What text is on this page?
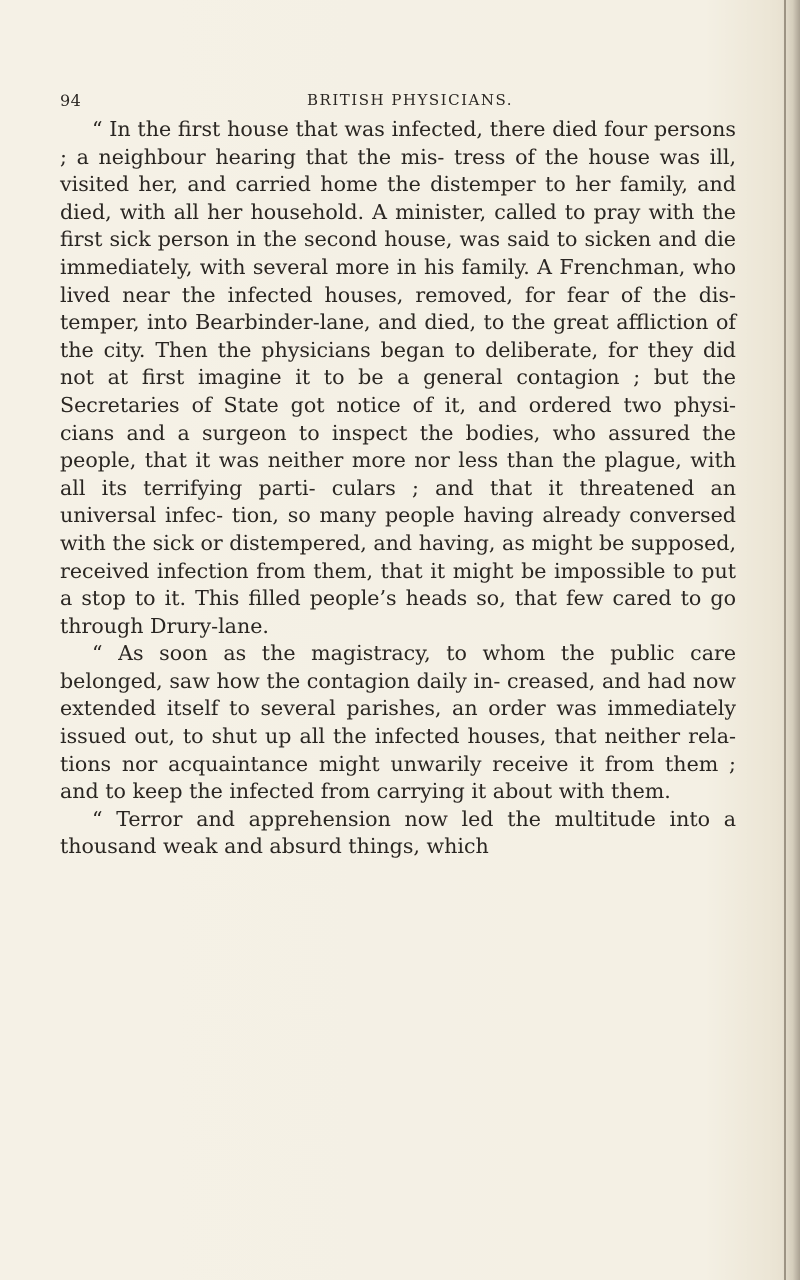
94	BRITISH PHYSICIANS.

“ In the first house that was infected, there died four persons ; a neighbour hearing that the mis- tress of the house was ill, visited her, and carried home the distemper to her family, and died, with all her household. A minister, called to pray with the first sick person in the second house, was said to sicken and die immediately, with several more in his family. A Frenchman, who lived near the infected houses, removed, for fear of the dis- temper, into Bearbinder-lane, and died, to the great affliction of the city. Then the physicians began to deliberate, for they did not at first imagine it to be a general contagion ; but the Secretaries of State got notice of it, and ordered two physi- cians and a surgeon to inspect the bodies, who assured the people, that it was neither more nor less than the plague, with all its terrifying parti- culars ; and that it threatened an universal infec- tion, so many people having already conversed with the sick or distempered, and having, as might be supposed, received infection from them, that it might be impossible to put a stop to it. This filled people’s heads so, that few cared to go through Drury-lane.

“ As soon as the magistracy, to whom the public care belonged, saw how the contagion daily in- creased, and had now extended itself to several parishes, an order was immediately issued out, to shut up all the infected houses, that neither rela- tions nor acquaintance might unwarily receive it from them ; and to keep the infected from carrying it about with them.

“ Terror and apprehension now led the multitude into a thousand weak and absurd things, which
